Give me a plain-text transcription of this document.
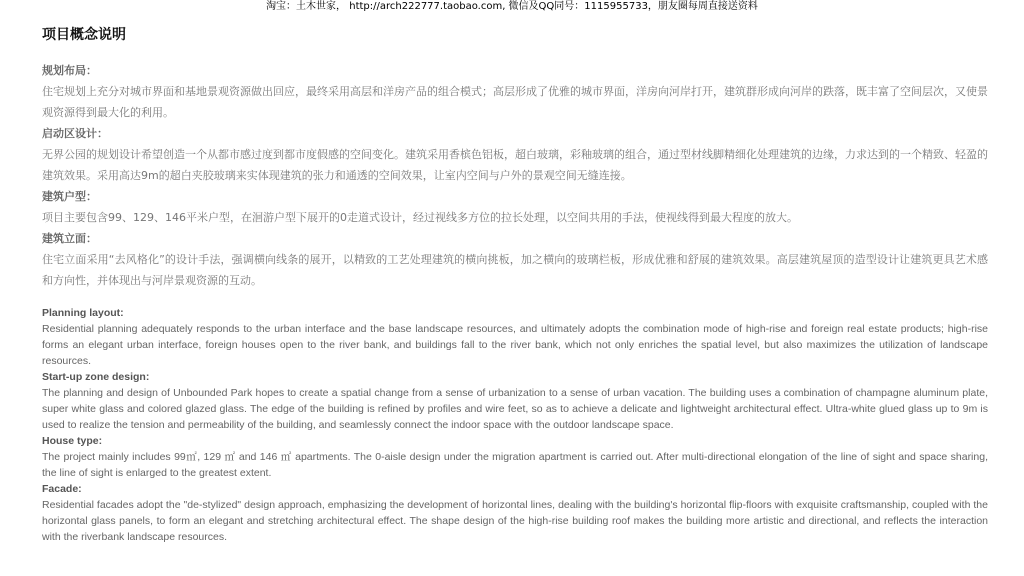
淘宝：土木世家， http://arch222777.taobao.com, 微信及QQ同号：1115955733，朋友圈每周直接送资料
项目概念说明

规划布局：

住宅规划上充分对城市界面和基地景观资源做出回应，最终采用高层和洋房产品的组合模式；高层形成了优雅的城市界面，洋房向河岸打开，建筑群形成向河岸的跌落，既丰富了空间层次，又使景观资源得到最大化的利用。

启动区设计：

无界公园的规划设计希望创造一个从都市感过度到都市度假感的空间变化。建筑采用香槟色铝板，超白玻璃，彩釉玻璃的组合，通过型材线脚精细化处理建筑的边缘，力求达到的一个精致、轻盈的建筑效果。采用高达9m的超白夹胶玻璃来实体现建筑的张力和通透的空间效果，让室内空间与户外的景观空间无缝连接。

建筑户型：

项目主要包含99、129、146平米户型，在洄游户型下展开的0走道式设计，经过视线多方位的拉长处理，以空间共用的手法，使视线得到最大程度的放大。

建筑立面：

住宅立面采用“去风格化”的设计手法，强调横向线条的展开，以精致的工艺处理建筑的横向挑板，加之横向的玻璃栏板，形成优雅和舒展的建筑效果。高层建筑屋顶的造型设计让建筑更具艺术感和方向性，并体现出与河岸景观资源的互动。

Planning layout:

Residential planning adequately responds to the urban interface and the base landscape resources, and ultimately adopts the combination mode of high-rise and foreign real estate products; high-rise forms an elegant urban interface, foreign houses open to the river bank, and buildings fall to the river bank, which not only enriches the spatial level, but also maximizes the utilization of landscape resources.

Start-up zone design:

The planning and design of Unbounded Park hopes to create a spatial change from a sense of urbanization to a sense of urban vacation. The building uses a combination of champagne aluminum plate, super white glass and colored glazed glass. The edge of the building is refined by profiles and wire feet, so as to achieve a delicate and lightweight architectural effect. Ultra-white glued glass up to 9m is used to realize the tension and permeability of the building, and seamlessly connect the indoor space with the outdoor landscape space.

House type:

The project mainly includes 99㎡, 129 ㎡ and 146 ㎡ apartments. The 0-aisle design under the migration apartment is carried out. After multi-directional elongation of the line of sight and space sharing, the line of sight is enlarged to the greatest extent.

Facade:

Residential facades adopt the "de-stylized" design approach, emphasizing the development of horizontal lines, dealing with the building's horizontal flip-floors with exquisite craftsmanship, coupled with the horizontal glass panels, to form an elegant and stretching architectural effect. The shape design of the high-rise building roof makes the building more artistic and directional, and reflects the interaction with the riverbank landscape resources.
